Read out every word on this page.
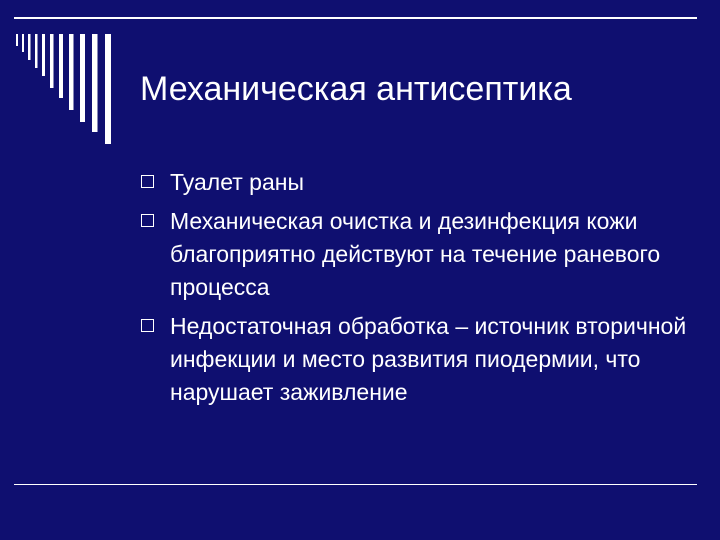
Механическая антисептика
Туалет раны
Механическая очистка и дезинфекция кожи благоприятно действуют на течение раневого процесса
Недостаточная обработка – источник вторичной инфекции и место развития пиодермии, что нарушает заживление
